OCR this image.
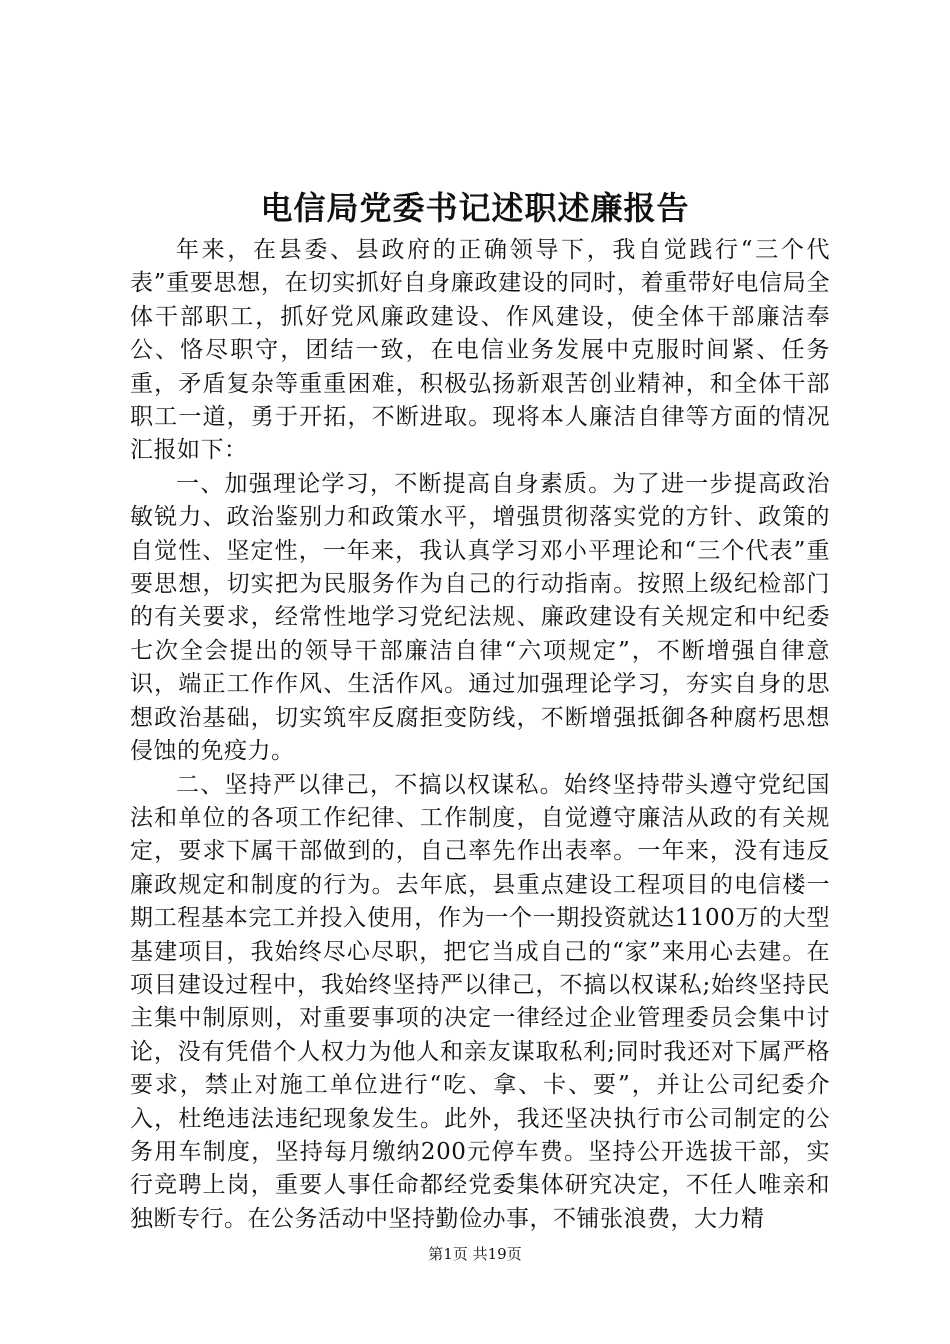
电信局党委书记述职述廉报告

年来，在县委、县政府的正确领导下，我自觉践行“三个代表”重要思想，在切实抓好自身廉政建设的同时，着重带好电信局全体干部职工，抓好党风廉政建设、作风建设，使全体干部廉洁奉公、恪尽职守，团结一致，在电信业务发展中克服时间紧、任务重，矛盾复杂等重重困难，积极弘扬新艰苦创业精神，和全体干部职工一道，勇于开拓，不断进取。现将本人廉洁自律等方面的情况汇报如下：

一、加强理论学习，不断提高自身素质。为了进一步提高政治敏锐力、政治鉴别力和政策水平，增强贯彻落实党的方针、政策的自觉性、坚定性，一年来，我认真学习邓小平理论和“三个代表”重要思想，切实把为民服务作为自己的行动指南。按照上级纪检部门的有关要求，经常性地学习党纪法规、廉政建设有关规定和中纪委七次全会提出的领导干部廉洁自律“六项规定”，不断增强自律意识，端正工作作风、生活作风。通过加强理论学习，夯实自身的思想政治基础，切实筑牢反腐拒变防线，不断增强抵御各种腐朽思想侵蚀的免疫力。

二、坚持严以律己，不搞以权谋私。始终坚持带头遵守党纪国法和单位的各项工作纪律、工作制度，自觉遵守廉洁从政的有关规定，要求下属干部做到的，自己率先作出表率。一年来，没有违反廉政规定和制度的行为。去年底，县重点建设工程项目的电信楼一期工程基本完工并投入使用，作为一个一期投资就达1100万的大型基建项目，我始终尽心尽职，把它当成自己的“家”来用心去建。在项目建设过程中，我始终坚持严以律己，不搞以权谋私;始终坚持民主集中制原则，对重要事项的决定一律经过企业管理委员会集中讨论，没有凭借个人权力为他人和亲友谋取私利;同时我还对下属严格要求，禁止对施工单位进行“吃、拿、卡、要”，并让公司纪委介入，杜绝违法违纪现象发生。此外，我还坚决执行市公司制定的公务用车制度，坚持每月缴纳200元停车费。坚持公开选拔干部，实行竞聘上岗，重要人事任命都经党委集体研究决定，不任人唯亲和独断专行。在公务活动中坚持勤俭办事，不铺张浪费，大力精

第1页 共19页
